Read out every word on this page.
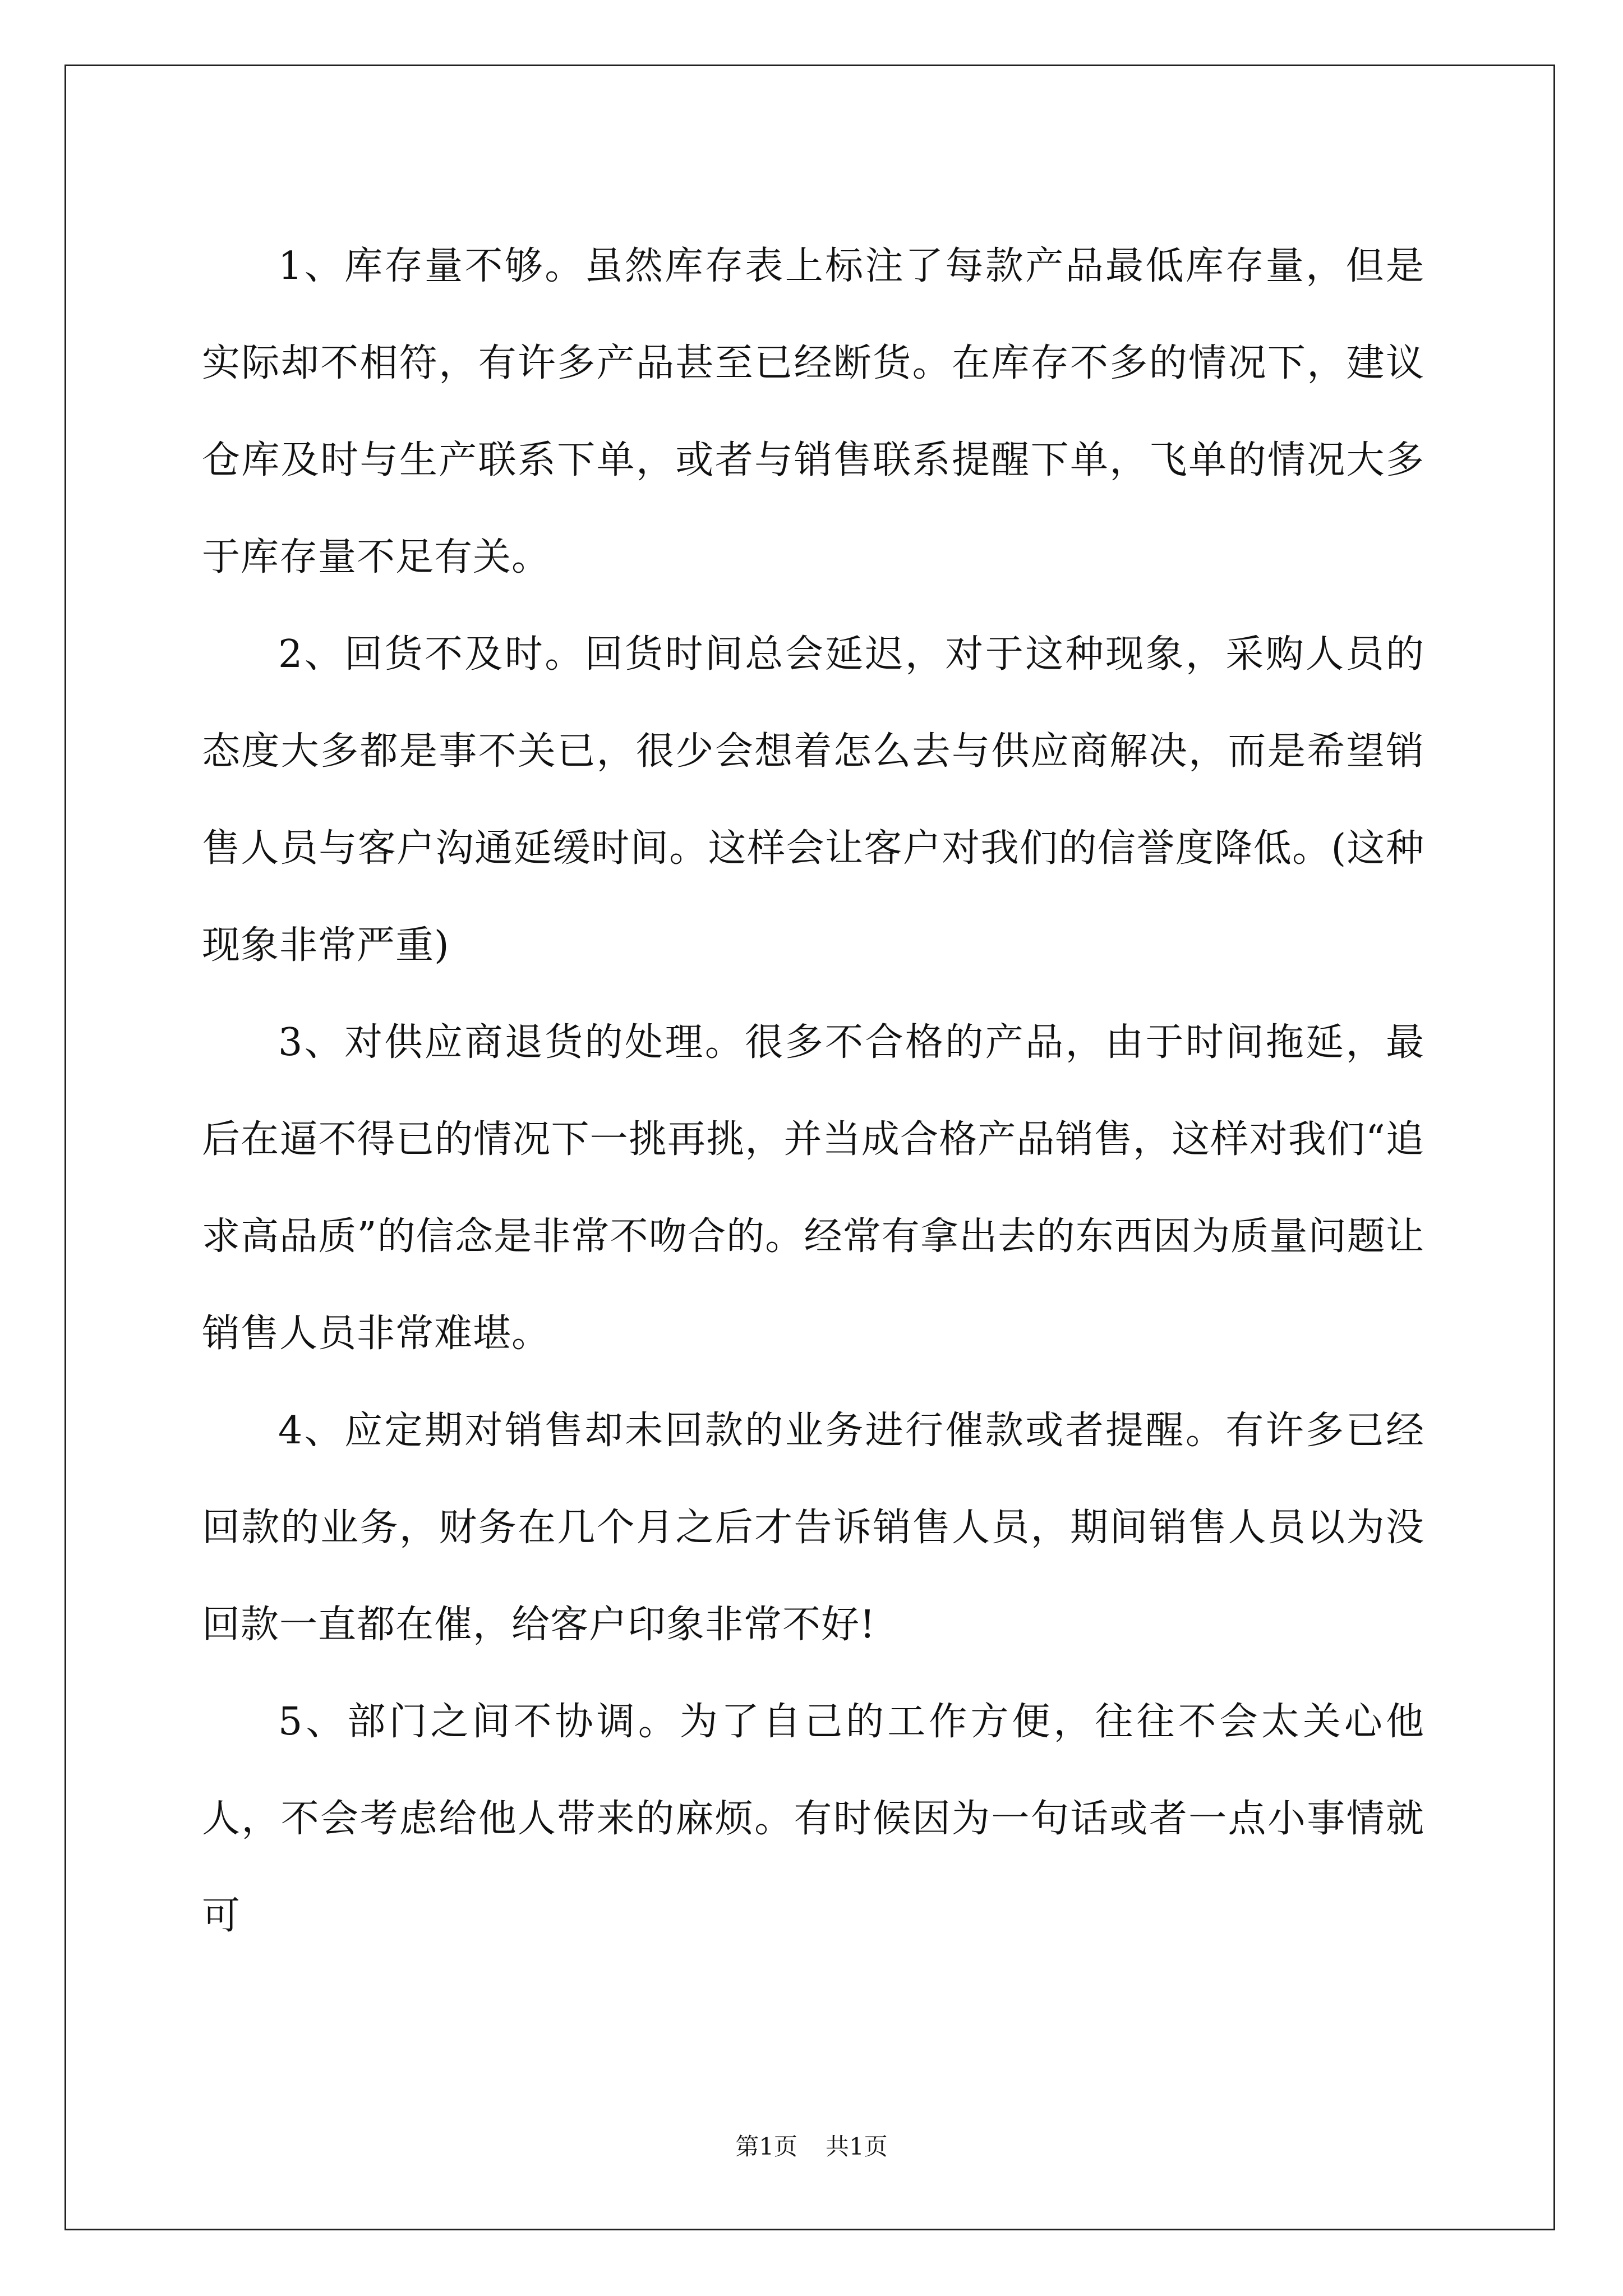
1、库存量不够。虽然库存表上标注了每款产品最低库存量，但是实际却不相符，有许多产品甚至已经断货。在库存不多的情况下，建议仓库及时与生产联系下单，或者与销售联系提醒下单，飞单的情况大多于库存量不足有关。

2、回货不及时。回货时间总会延迟，对于这种现象，采购人员的态度大多都是事不关已，很少会想着怎么去与供应商解决，而是希望销售人员与客户沟通延缓时间。这样会让客户对我们的信誉度降低。(这种现象非常严重)

3、对供应商退货的处理。很多不合格的产品，由于时间拖延，最后在逼不得已的情况下一挑再挑，并当成合格产品销售，这样对我们“追求高品质”的信念是非常不吻合的。经常有拿出去的东西因为质量问题让销售人员非常难堪。

4、应定期对销售却未回款的业务进行催款或者提醒。有许多已经回款的业务，财务在几个月之后才告诉销售人员，期间销售人员以为没回款一直都在催，给客户印象非常不好!

5、部门之间不协调。为了自己的工作方便，往往不会太关心他人，不会考虑给他人带来的麻烦。有时候因为一句话或者一点小事情就可

第1页 共1页
